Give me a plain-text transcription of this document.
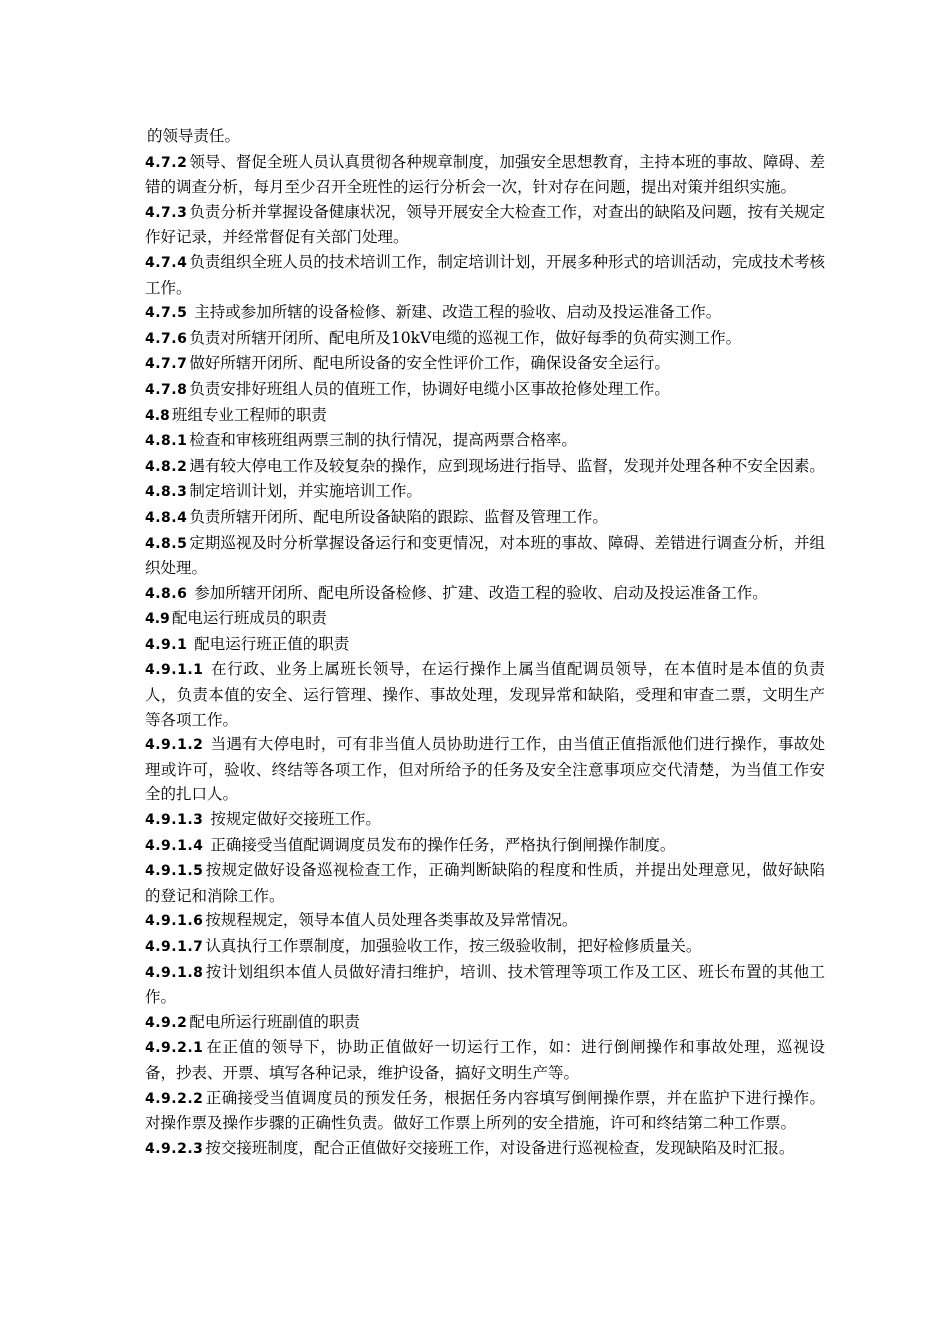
的领导责任。

4.7.2 领导、督促全班人员认真贯彻各种规章制度，加强安全思想教育，主持本班的事故、障碍、差错的调查分析，每月至少召开全班性的运行分析会一次，针对存在问题，提出对策并组织实施。

4.7.3 负责分析并掌握设备健康状况，领导开展安全大检查工作，对查出的缺陷及问题，按有关规定作好记录，并经常督促有关部门处理。

4.7.4 负责组织全班人员的技术培训工作，制定培训计划，开展多种形式的培训活动，完成技术考核工作。

4.7.5 主持或参加所辖的设备检修、新建、改造工程的验收、启动及投运准备工作。

4.7.6 负责对所辖开闭所、配电所及10kV电缆的巡视工作，做好每季的负荷实测工作。

4.7.7 做好所辖开闭所、配电所设备的安全性评价工作，确保设备安全运行。

4.7.8 负责安排好班组人员的值班工作，协调好电缆小区事故抢修处理工作。

4.8 班组专业工程师的职责

4.8.1 检查和审核班组两票三制的执行情况，提高两票合格率。

4.8.2 遇有较大停电工作及较复杂的操作，应到现场进行指导、监督，发现并处理各种不安全因素。

4.8.3 制定培训计划，并实施培训工作。

4.8.4 负责所辖开闭所、配电所设备缺陷的跟踪、监督及管理工作。

4.8.5 定期巡视及时分析掌握设备运行和变更情况，对本班的事故、障碍、差错进行调查分析，并组织处理。

4.8.6 参加所辖开闭所、配电所设备检修、扩建、改造工程的验收、启动及投运准备工作。

4.9 配电运行班成员的职责

4.9.1 配电运行班正值的职责

4.9.1.1 在行政、业务上属班长领导，在运行操作上属当值配调员领导，在本值时是本值的负责人，负责本值的安全、运行管理、操作、事故处理，发现异常和缺陷，受理和审查二票，文明生产等各项工作。

4.9.1.2 当遇有大停电时，可有非当值人员协助进行工作，由当值正值指派他们进行操作，事故处理或许可，验收、终结等各项工作，但对所给予的任务及安全注意事项应交代清楚，为当值工作安全的扎口人。

4.9.1.3 按规定做好交接班工作。

4.9.1.4 正确接受当值配调调度员发布的操作任务，严格执行倒闸操作制度。

4.9.1.5 按规定做好设备巡视检查工作，正确判断缺陷的程度和性质，并提出处理意见，做好缺陷的登记和消除工作。

4.9.1.6 按规程规定，领导本值人员处理各类事故及异常情况。

4.9.1.7 认真执行工作票制度，加强验收工作，按三级验收制，把好检修质量关。

4.9.1.8 按计划组织本值人员做好清扫维护，培训、技术管理等项工作及工区、班长布置的其他工作。

4.9.2 配电所运行班副值的职责

4.9.2.1 在正值的领导下，协助正值做好一切运行工作，如：进行倒闸操作和事故处理，巡视设备，抄表、开票、填写各种记录，维护设备，搞好文明生产等。

4.9.2.2 正确接受当值调度员的预发任务，根据任务内容填写倒闸操作票，并在监护下进行操作。对操作票及操作步骤的正确性负责。做好工作票上所列的安全措施，许可和终结第二种工作票。

4.9.2.3 按交接班制度，配合正值做好交接班工作，对设备进行巡视检查，发现缺陷及时汇报。
